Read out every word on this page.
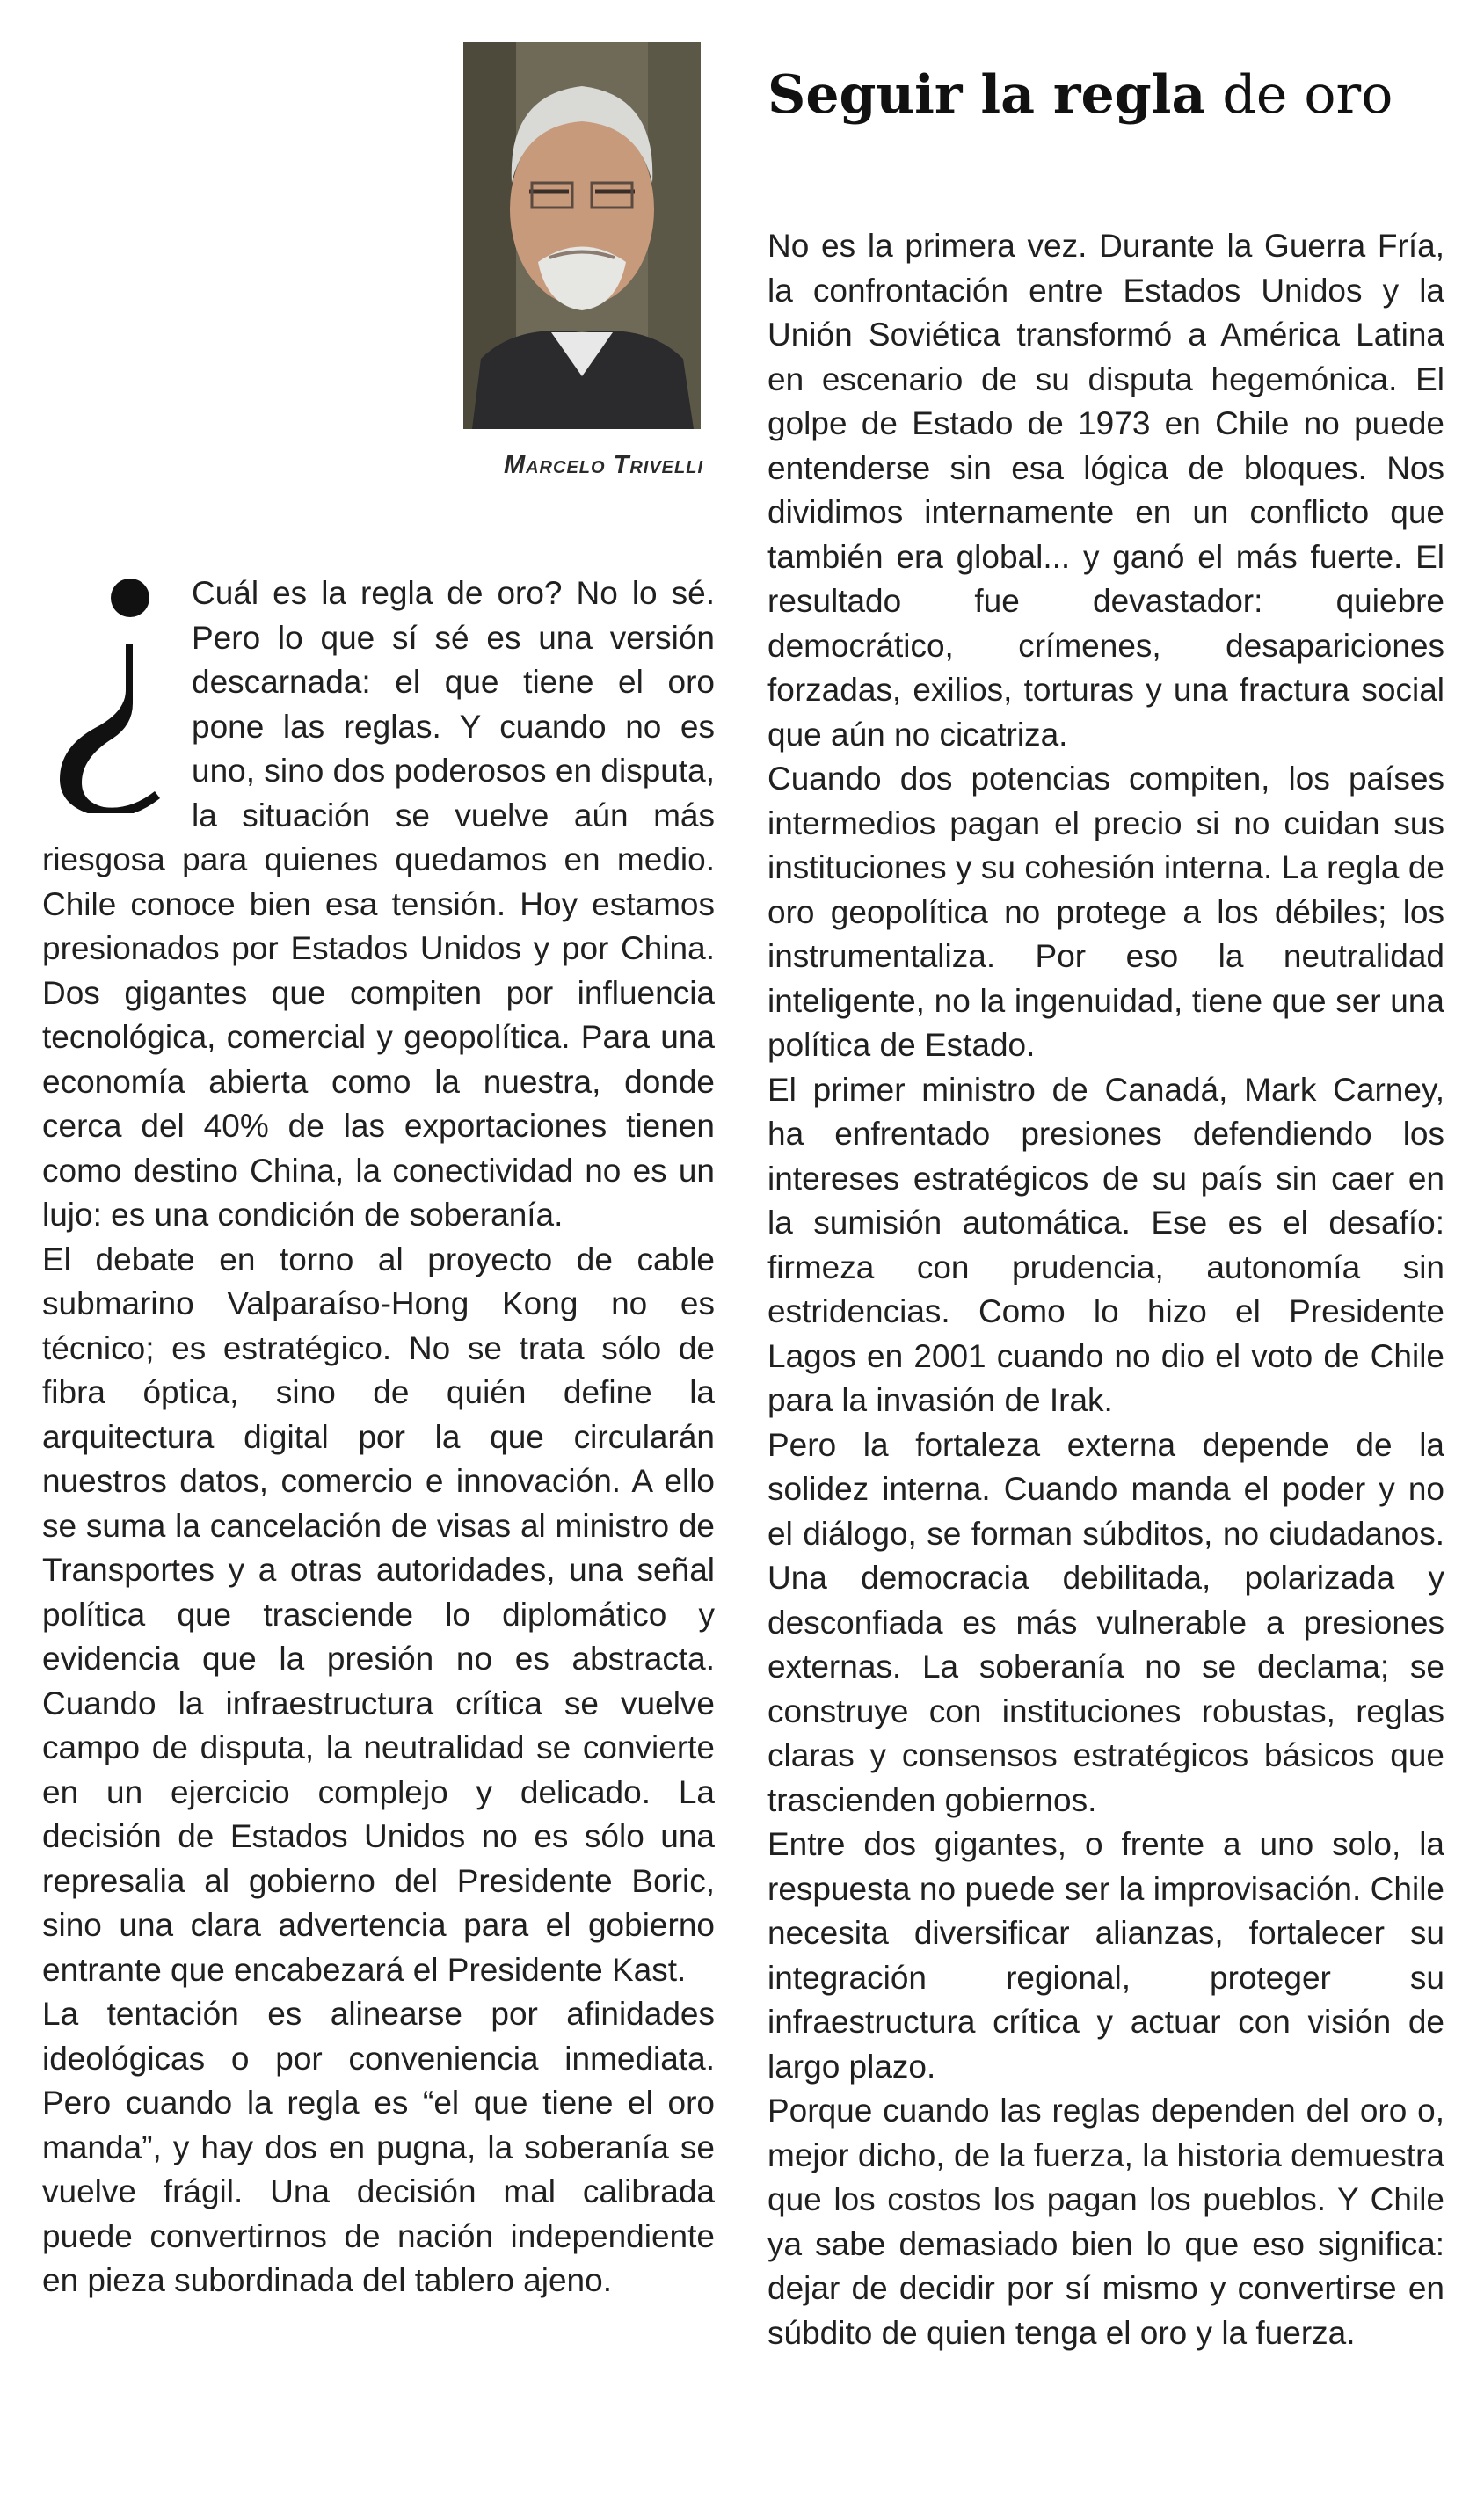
Marcelo Trivelli
Seguir la regla de oro

Cuál es la regla de oro? No lo sé. Pero lo que sí sé es una versión descarnada: el que tiene el oro pone las reglas. Y cuando no es uno, sino dos poderosos en disputa, la situación se vuelve aún más riesgosa para quienes quedamos en medio. Chile conoce bien esa tensión. Hoy estamos presionados por Estados Unidos y por China. Dos gigantes que compiten por influencia tecnológica, comercial y geopolítica. Para una economía abierta como la nuestra, donde cerca del 40% de las exportaciones tienen como destino China, la conectividad no es un lujo: es una condición de soberanía.

El debate en torno al proyecto de cable submarino Valparaíso-Hong Kong no es técnico; es estratégico. No se trata sólo de fibra óptica, sino de quién define la arquitectura digital por la que circularán nuestros datos, comercio e innovación. A ello se suma la cancelación de visas al ministro de Transportes y a otras autoridades, una señal política que trasciende lo diplomático y evidencia que la presión no es abstracta. Cuando la infraestructura crítica se vuelve campo de disputa, la neutralidad se convierte en un ejercicio complejo y delicado. La decisión de Estados Unidos no es sólo una represalia al gobierno del Presidente Boric, sino una clara advertencia para el gobierno entrante que encabezará el Presidente Kast.

La tentación es alinearse por afinidades ideológicas o por conveniencia inmediata. Pero cuando la regla es “el que tiene el oro manda”, y hay dos en pugna, la soberanía se vuelve frágil. Una decisión mal calibrada puede convertirnos de nación independiente en pieza subordinada del tablero ajeno.

No es la primera vez. Durante la Guerra Fría, la confrontación entre Estados Unidos y la Unión Soviética transformó a América Latina en escenario de su disputa hegemónica. El golpe de Estado de 1973 en Chile no puede entenderse sin esa lógica de bloques. Nos dividimos internamente en un conflicto que también era global... y ganó el más fuerte. El resultado fue devastador: quiebre democrático, crímenes, desapariciones forzadas, exilios, torturas y una fractura social que aún no cicatriza.

Cuando dos potencias compiten, los países intermedios pagan el precio si no cuidan sus instituciones y su cohesión interna. La regla de oro geopolítica no protege a los débiles; los instrumentaliza. Por eso la neutralidad inteligente, no la ingenuidad, tiene que ser una política de Estado.

El primer ministro de Canadá, Mark Carney, ha enfrentado presiones defendiendo los intereses estratégicos de su país sin caer en la sumisión automática. Ese es el desafío: firmeza con prudencia, autonomía sin estridencias. Como lo hizo el Presidente Lagos en 2001 cuando no dio el voto de Chile para la invasión de Irak.

Pero la fortaleza externa depende de la solidez interna. Cuando manda el poder y no el diálogo, se forman súbditos, no ciudadanos. Una democracia debilitada, polarizada y desconfiada es más vulnerable a presiones externas. La soberanía no se declama; se construye con instituciones robustas, reglas claras y consensos estratégicos básicos que trascienden gobiernos.

Entre dos gigantes, o frente a uno solo, la respuesta no puede ser la improvisación. Chile necesita diversificar alianzas, fortalecer su integración regional, proteger su infraestructura crítica y actuar con visión de largo plazo.

Porque cuando las reglas dependen del oro o, mejor dicho, de la fuerza, la historia demuestra que los costos los pagan los pueblos. Y Chile ya sabe demasiado bien lo que eso significa: dejar de decidir por sí mismo y convertirse en súbdito de quien tenga el oro y la fuerza.
